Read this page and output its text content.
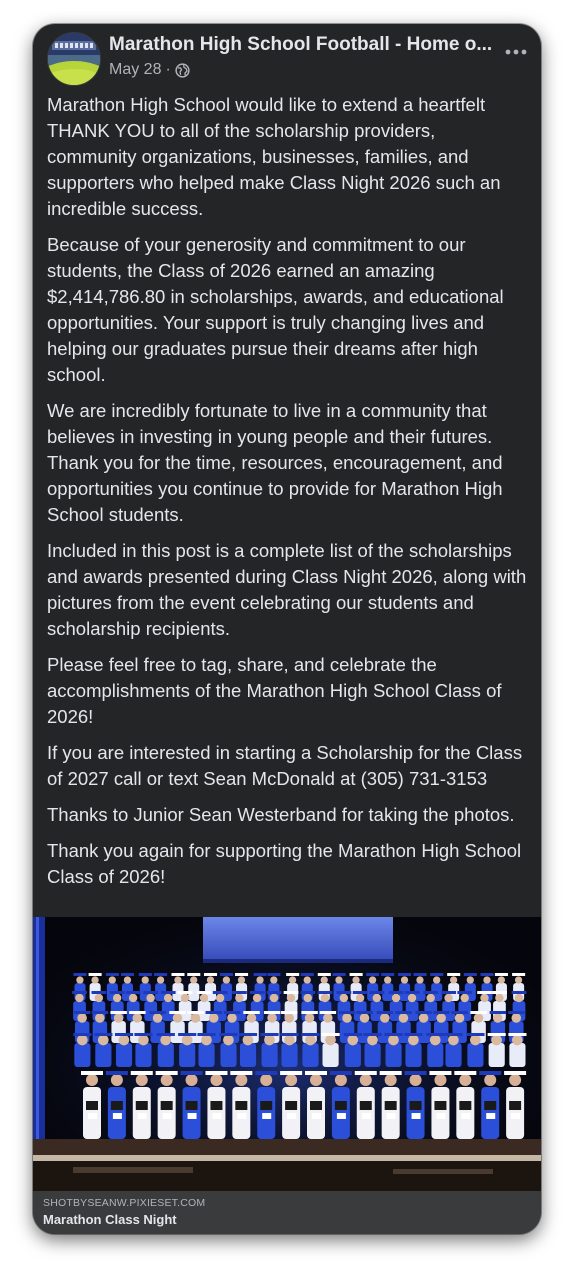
Marathon High School Football - Home o...
May 28 ·

Marathon High School would like to extend a heartfelt THANK YOU to all of the scholarship providers, community organizations, businesses, families, and supporters who helped make Class Night 2026 such an incredible success.

Because of your generosity and commitment to our students, the Class of 2026 earned an amazing $2,414,786.80 in scholarships, awards, and educational opportunities. Your support is truly changing lives and helping our graduates pursue their dreams after high school.

We are incredibly fortunate to live in a community that believes in investing in young people and their futures. Thank you for the time, resources, encouragement, and opportunities you continue to provide for Marathon High School students.

Included in this post is a complete list of the scholarships and awards presented during Class Night 2026, along with pictures from the event celebrating our students and scholarship recipients.

Please feel free to tag, share, and celebrate the accomplishments of the Marathon High School Class of 2026!

If you are interested in starting a Scholarship for the Class of 2027 call or text Sean McDonald at (305) 731-3153

Thanks to Junior Sean Westerband for taking the photos.

Thank you again for supporting the Marathon High School Class of 2026!

SHOTBYSEANW.PIXIESET.COM
Marathon Class Night
